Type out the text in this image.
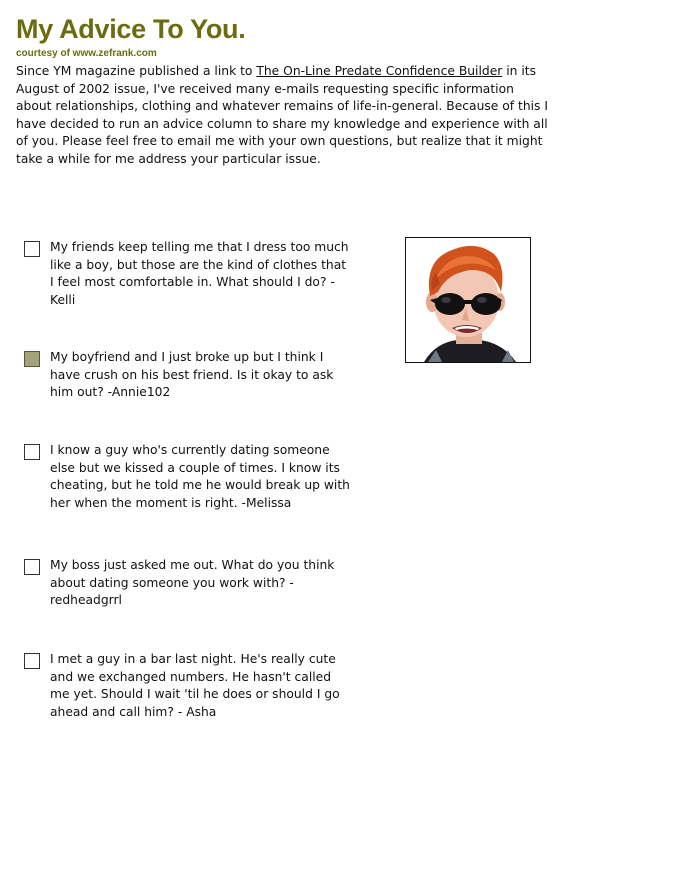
My Advice To You.
courtesy of www.zefrank.com

Since YM magazine published a link to The On-Line Predate Confidence Builder in its August of 2002 issue, I've received many e-mails requesting specific information about relationships, clothing and whatever remains of life-in-general. Because of this I have decided to run an advice column to share my knowledge and experience with all of you. Please feel free to email me with your own questions, but realize that it might take a while for me address your particular issue.

My friends keep telling me that I dress too much like a boy, but those are the kind of clothes that I feel most comfortable in. What should I do? -Kelli

My boyfriend and I just broke up but I think I have crush on his best friend. Is it okay to ask him out? -Annie102

I know a guy who's currently dating someone else but we kissed a couple of times. I know its cheating, but he told me he would break up with her when the moment is right. -Melissa

My boss just asked me out. What do you think about dating someone you work with? - redheadgrrl

I met a guy in a bar last night. He's really cute and we exchanged numbers. He hasn't called me yet. Should I wait 'til he does or should I go ahead and call him? - Asha
